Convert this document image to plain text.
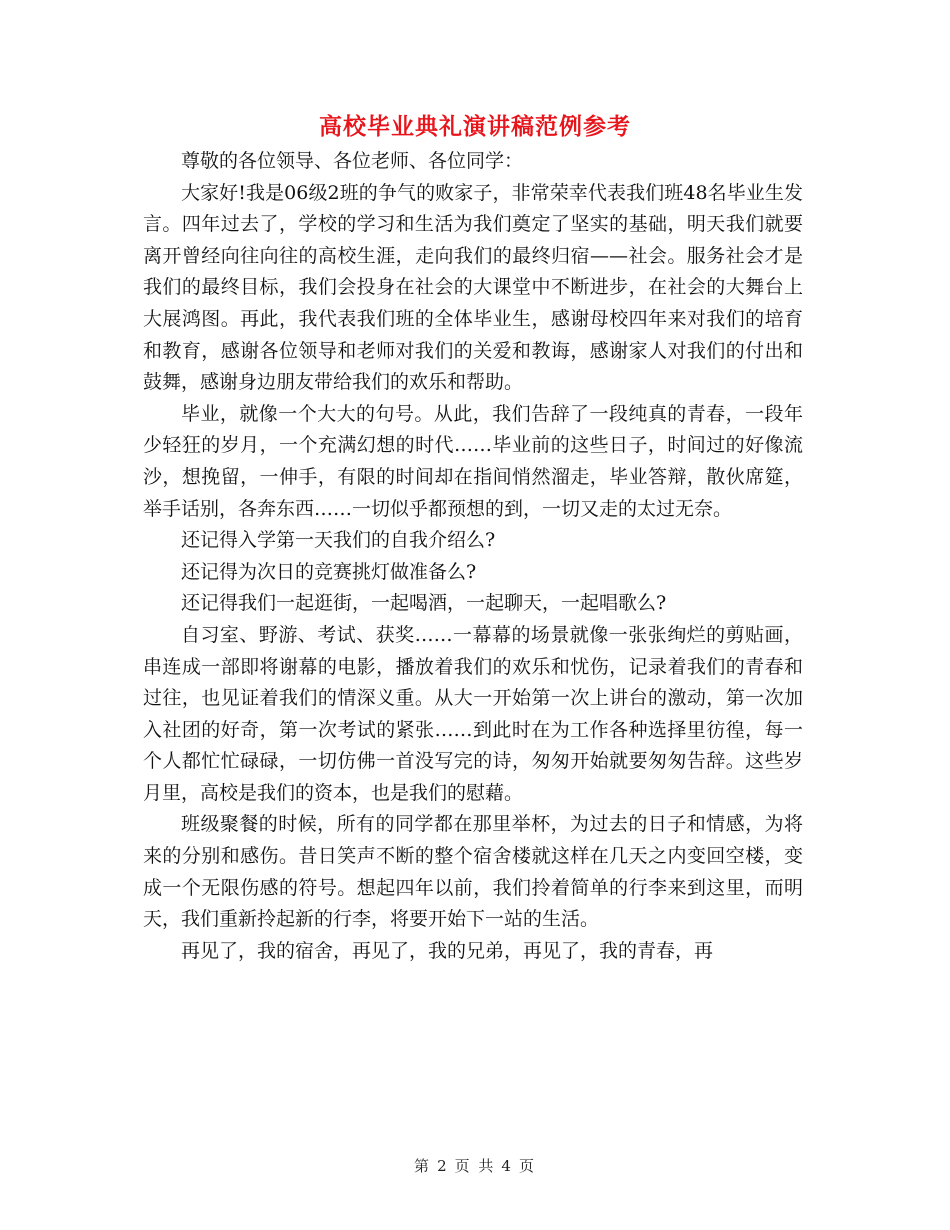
高校毕业典礼演讲稿范例参考

尊敬的各位领导、各位老师、各位同学：

大家好!我是06级2班的争气的败家子，非常荣幸代表我们班48名毕业生发言。四年过去了，学校的学习和生活为我们奠定了坚实的基础，明天我们就要离开曾经向往向往的高校生涯，走向我们的最终归宿——社会。服务社会才是我们的最终目标，我们会投身在社会的大课堂中不断进步，在社会的大舞台上大展鸿图。再此，我代表我们班的全体毕业生，感谢母校四年来对我们的培育和教育，感谢各位领导和老师对我们的关爱和教诲，感谢家人对我们的付出和鼓舞，感谢身边朋友带给我们的欢乐和帮助。

毕业，就像一个大大的句号。从此，我们告辞了一段纯真的青春，一段年少轻狂的岁月，一个充满幻想的时代……毕业前的这些日子，时间过的好像流沙，想挽留，一伸手，有限的时间却在指间悄然溜走，毕业答辩，散伙席筵，举手话别，各奔东西……一切似乎都预想的到，一切又走的太过无奈。

还记得入学第一天我们的自我介绍么?

还记得为次日的竞赛挑灯做准备么?

还记得我们一起逛街，一起喝酒，一起聊天，一起唱歌么?

自习室、野游、考试、获奖……一幕幕的场景就像一张张绚烂的剪贴画，串连成一部即将谢幕的电影，播放着我们的欢乐和忧伤，记录着我们的青春和过往，也见证着我们的情深义重。从大一开始第一次上讲台的激动，第一次加入社团的好奇，第一次考试的紧张……到此时在为工作各种选择里彷徨，每一个人都忙忙碌碌，一切仿佛一首没写完的诗，匆匆开始就要匆匆告辞。这些岁月里，高校是我们的资本，也是我们的慰藉。

班级聚餐的时候，所有的同学都在那里举杯，为过去的日子和情感，为将来的分别和感伤。昔日笑声不断的整个宿舍楼就这样在几天之内变回空楼，变成一个无限伤感的符号。想起四年以前，我们拎着简单的行李来到这里，而明天，我们重新拎起新的行李，将要开始下一站的生活。

再见了，我的宿舍，再见了，我的兄弟，再见了，我的青春，再

第 2 页 共 4 页
